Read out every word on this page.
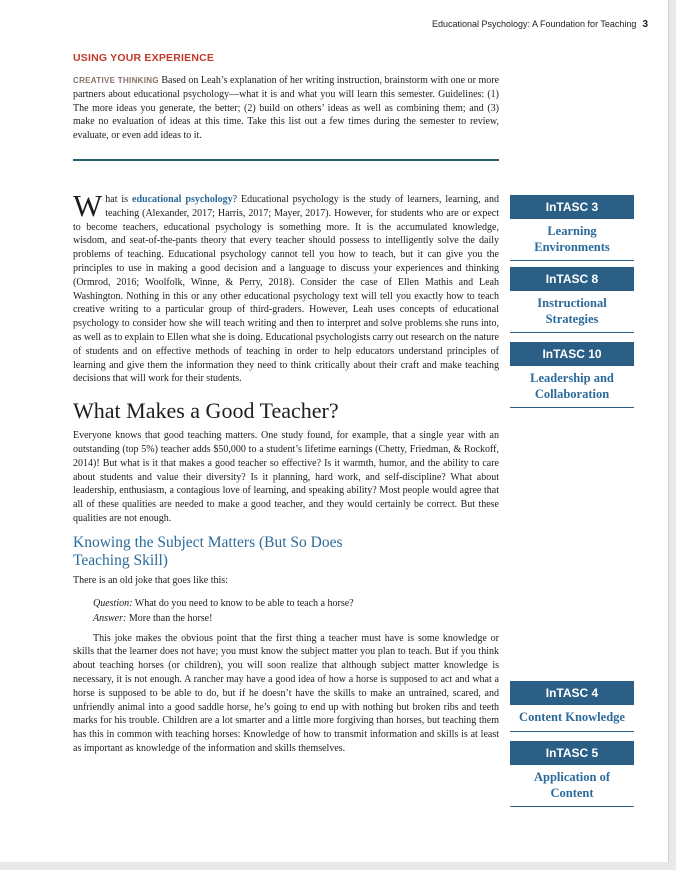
Educational Psychology: A Foundation for Teaching 3
USING YOUR EXPERIENCE

CREATIVE THINKING Based on Leah’s explanation of her writing instruction, brainstorm with one or more partners about educational psychology—what it is and what you will learn this semester. Guidelines: (1) The more ideas you generate, the better; (2) build on others’ ideas as well as combining them; and (3) make no evaluation of ideas at this time. Take this list out a few times during the semester to review, evaluate, or even add ideas to it.

What is educational psychology? Educational psychology is the study of learners, learning, and teaching (Alexander, 2017; Harris, 2017; Mayer, 2017). However, for students who are or expect to become teachers, educational psychology is something more. It is the accumulated knowledge, wisdom, and seat-of-the-pants theory that every teacher should possess to intelligently solve the daily problems of teaching. Educational psychology cannot tell you how to teach, but it can give you the principles to use in making a good decision and a language to discuss your experiences and thinking (Ormrod, 2016; Woolfolk, Winne, & Perry, 2018). Consider the case of Ellen Mathis and Leah Washington. Nothing in this or any other educational psychology text will tell you exactly how to teach creative writing to a particular group of third-graders. However, Leah uses concepts of educational psychology to consider how she will teach writing and then to interpret and solve problems she runs into, as well as to explain to Ellen what she is doing. Educational psychologists carry out research on the nature of students and on effective methods of teaching in order to help educators understand principles of learning and give them the information they need to think critically about their craft and make teaching decisions that will work for their students.

What Makes a Good Teacher?

Everyone knows that good teaching matters. One study found, for example, that a single year with an outstanding (top 5%) teacher adds $50,000 to a student’s lifetime earnings (Chetty, Friedman, & Rockoff, 2014)! But what is it that makes a good teacher so effective? Is it warmth, humor, and the ability to care about students and value their diversity? Is it planning, hard work, and self-discipline? What about leadership, enthusiasm, a contagious love of learning, and speaking ability? Most people would agree that all of these qualities are needed to make a good teacher, and they would certainly be correct. But these qualities are not enough.

Knowing the Subject Matters (But So Does
Teaching Skill)

There is an old joke that goes like this:

Question: What do you need to know to be able to teach a horse?
Answer: More than the horse!

This joke makes the obvious point that the first thing a teacher must have is some knowledge or skills that the learner does not have; you must know the subject matter you plan to teach. But if you think about teaching horses (or children), you will soon realize that although subject matter knowledge is necessary, it is not enough. A rancher may have a good idea of how a horse is supposed to act and what a horse is supposed to be able to do, but if he doesn’t have the skills to make an untrained, scared, and unfriendly animal into a good saddle horse, he’s going to end up with nothing but broken ribs and teeth marks for his trouble. Children are a lot smarter and a little more forgiving than horses, but teaching them has this in common with teaching horses: Knowledge of how to transmit information and skills is at least as important as knowledge of the information and skills themselves.

InTASC 3
Learning
Environments
InTASC 8
Instructional
Strategies
InTASC 10
Leadership and
Collaboration
InTASC 4
Content Knowledge
InTASC 5
Application of
Content
